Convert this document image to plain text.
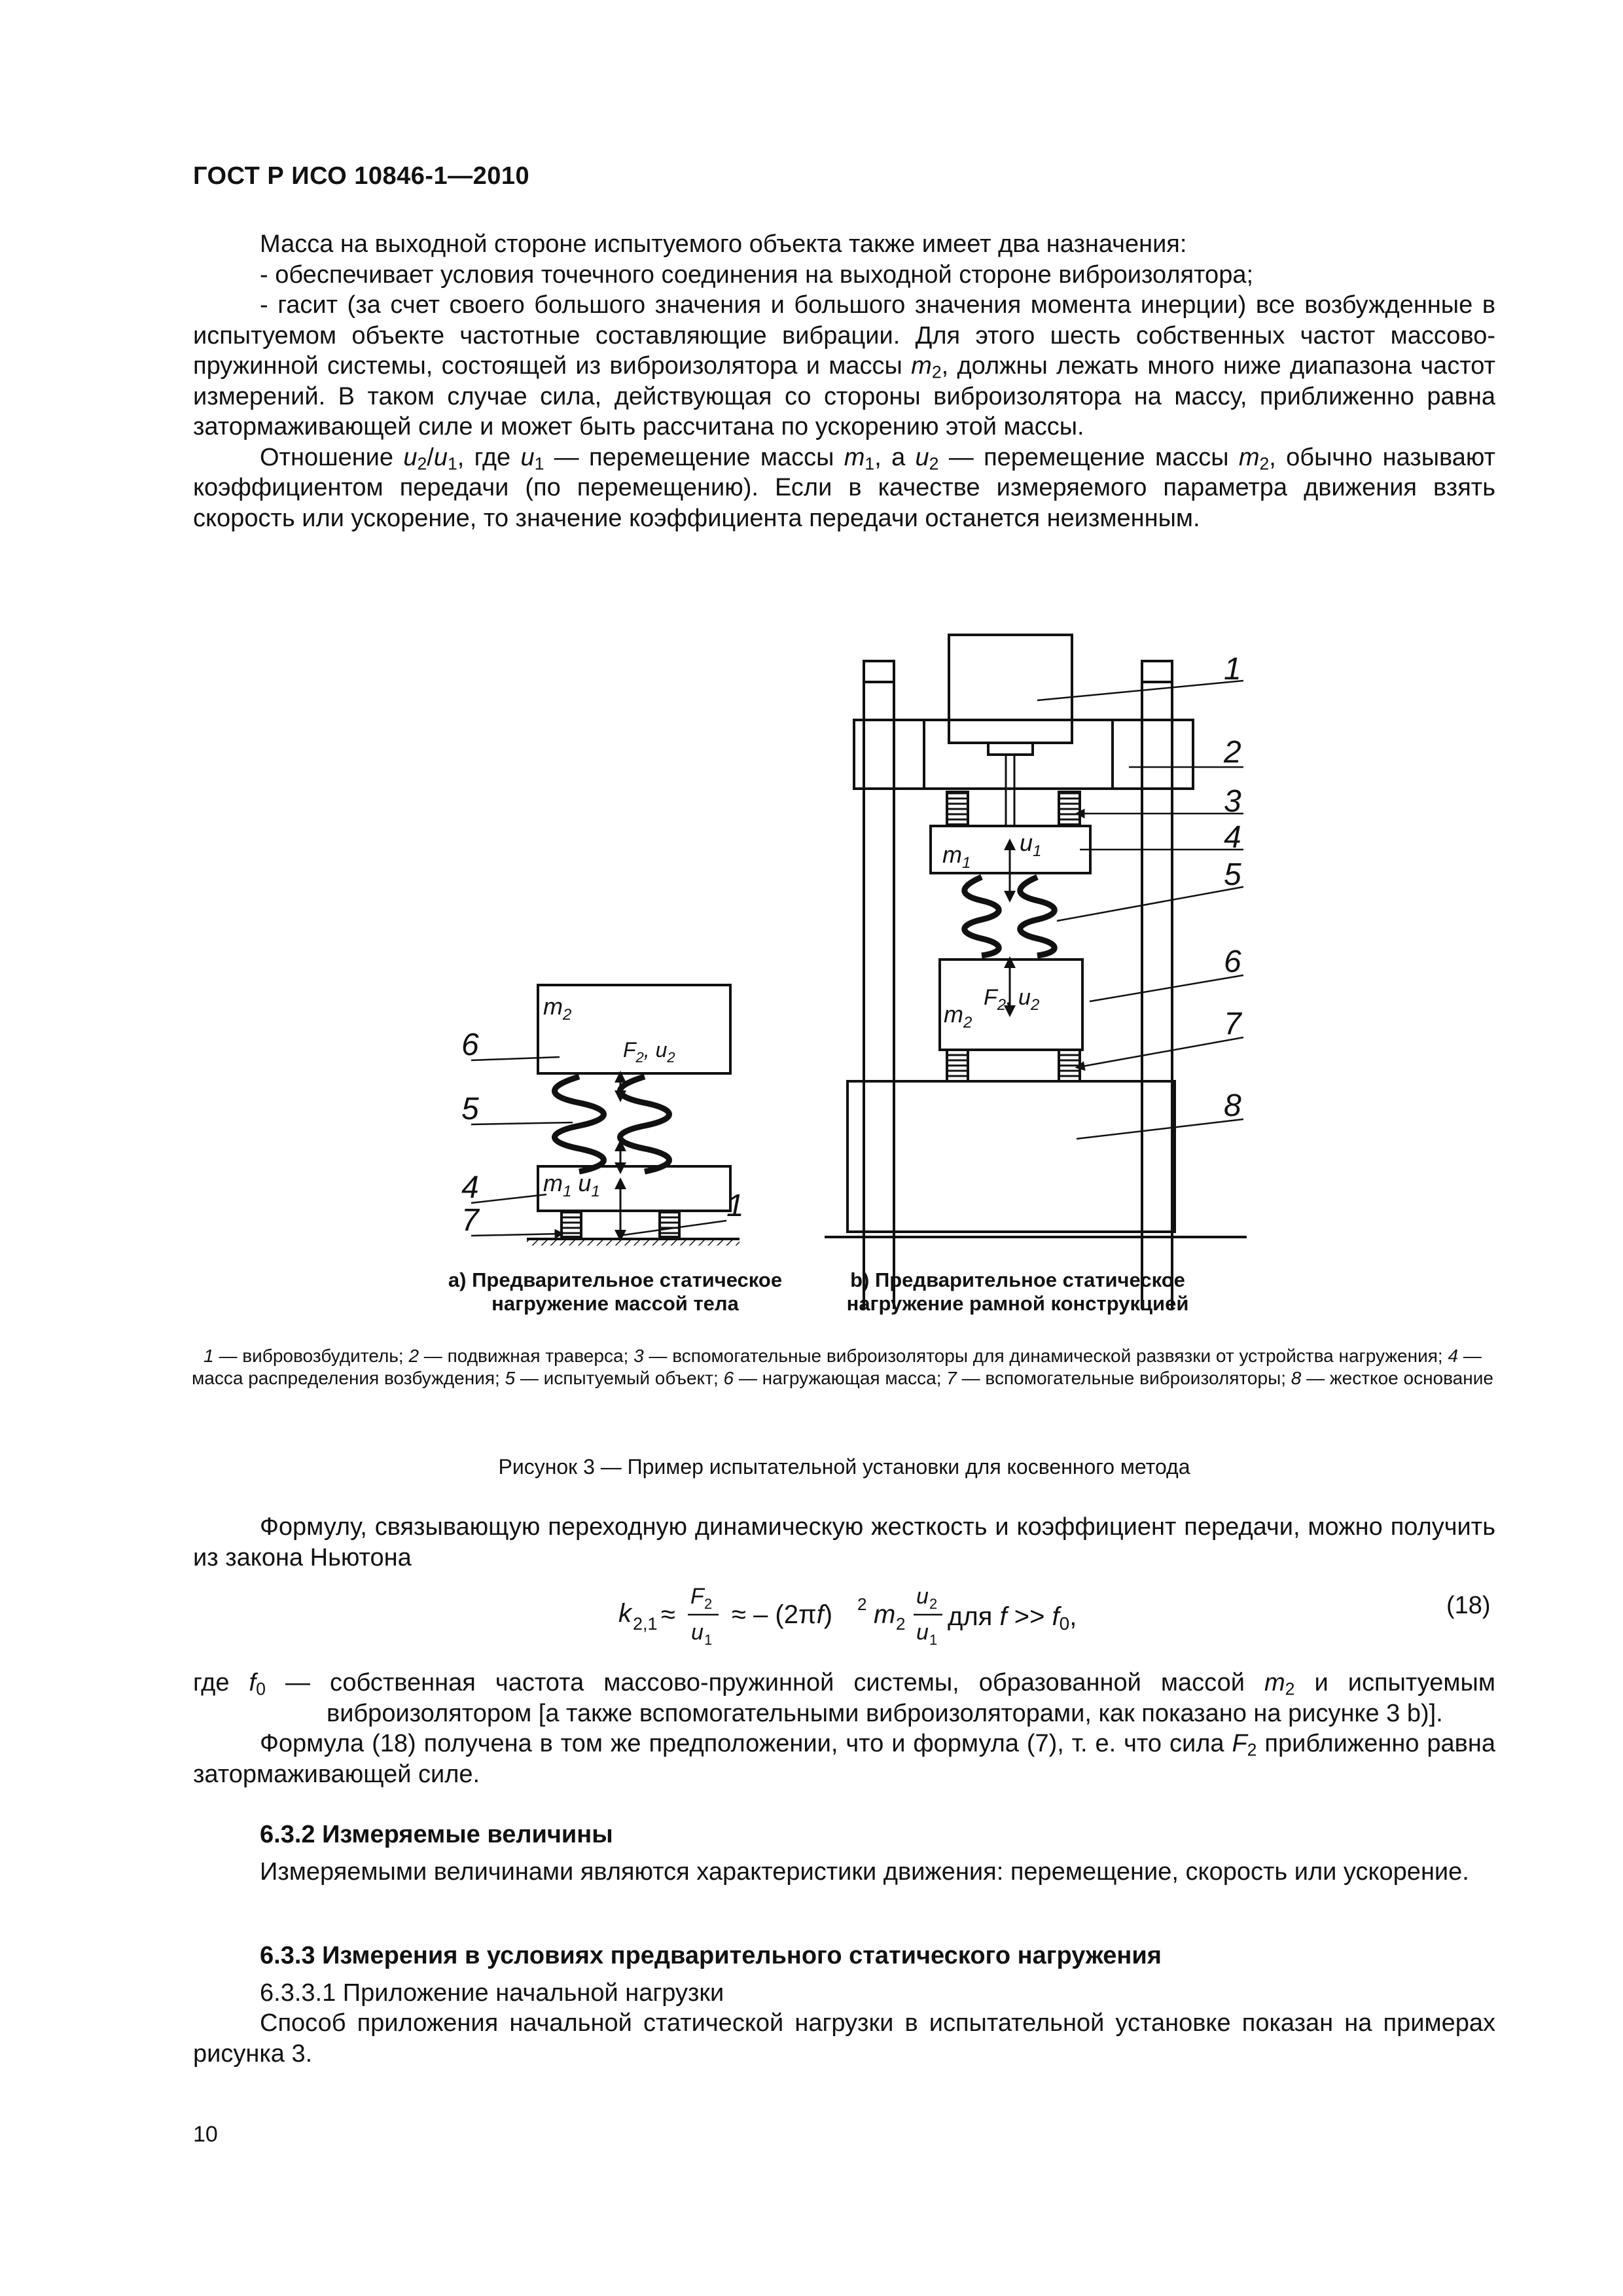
ГОСТ Р ИСО 10846-1—2010

Масса на выходной стороне испытуемого объекта также имеет два назначения:

- обеспечивает условия точечного соединения на выходной стороне виброизолятора;

- гасит (за счет своего большого значения и большого значения момента инерции) все возбужденные в испытуемом объекте частотные составляющие вибрации. Для этого шесть собственных частот массово-пружинной системы, состоящей из виброизолятора и массы $m_2$, должны лежать много ниже диапазона частот измерений. В таком случае сила, действующая со стороны виброизолятора на массу, приближенно равна затормаживающей силе и может быть рассчитана по ускорению этой массы.

Отношение $u_2/u_1$, где $u_1$ — перемещение массы $m_1$, а $u_2$ — перемещение массы $m_2$, обычно называют коэффициентом передачи (по перемещению). Если в качестве измеряемого параметра движения взять скорость или ускорение, то значение коэффициента передачи останется неизменным.

$m_2$
$F_2$, $u_2$
$m_1$ $u_1$
6
5
4
7	1
$m_1$
$u_1$
$F_2$, $u_2$
$m_2$
1
2
3
4
5
6
7
8
а) Предварительное статическое
нагружение массой тела
b) Предварительное статическое
нагружение рамной конструкцией
1 — вибровозбудитель; 2 — подвижная траверса; 3 — вспомогательные виброизоляторы для динамической развязки от устройства нагружения; 4 — масса распределения возбуждения; 5 — испытуемый объект; 6 — нагружающая масса; 7 — вспомогательные виброизоляторы; 8 — жесткое основание
Рисунок 3 — Пример испытательной установки для косвенного метода

Формулу, связывающую переходную динамическую жесткость и коэффициент передачи, можно получить из закона Ньютона

k 2,1 ≈
F 2
u 1
≈ – (2πf) 2 m 2
u 2
u 1
для $f >> f_0$,	(18)

где $f_0$ — собственная частота массово-пружинной системы, образованной массой $m_2$ и испытуемым

виброизолятором [а также вспомогательными виброизоляторами, как показано на рисунке 3 b)].

Формула (18) получена в том же предположении, что и формула (7), т. е. что сила $F_2$ приближенно равна затормаживающей силе.

6.3.2 Измеряемые величины

Измеряемыми величинами являются характеристики движения: перемещение, скорость или ускорение.

6.3.3 Измерения в условиях предварительного статического нагружения

6.3.3.1 Приложение начальной нагрузки

Способ приложения начальной статической нагрузки в испытательной установке показан на примерах рисунка 3.

10
